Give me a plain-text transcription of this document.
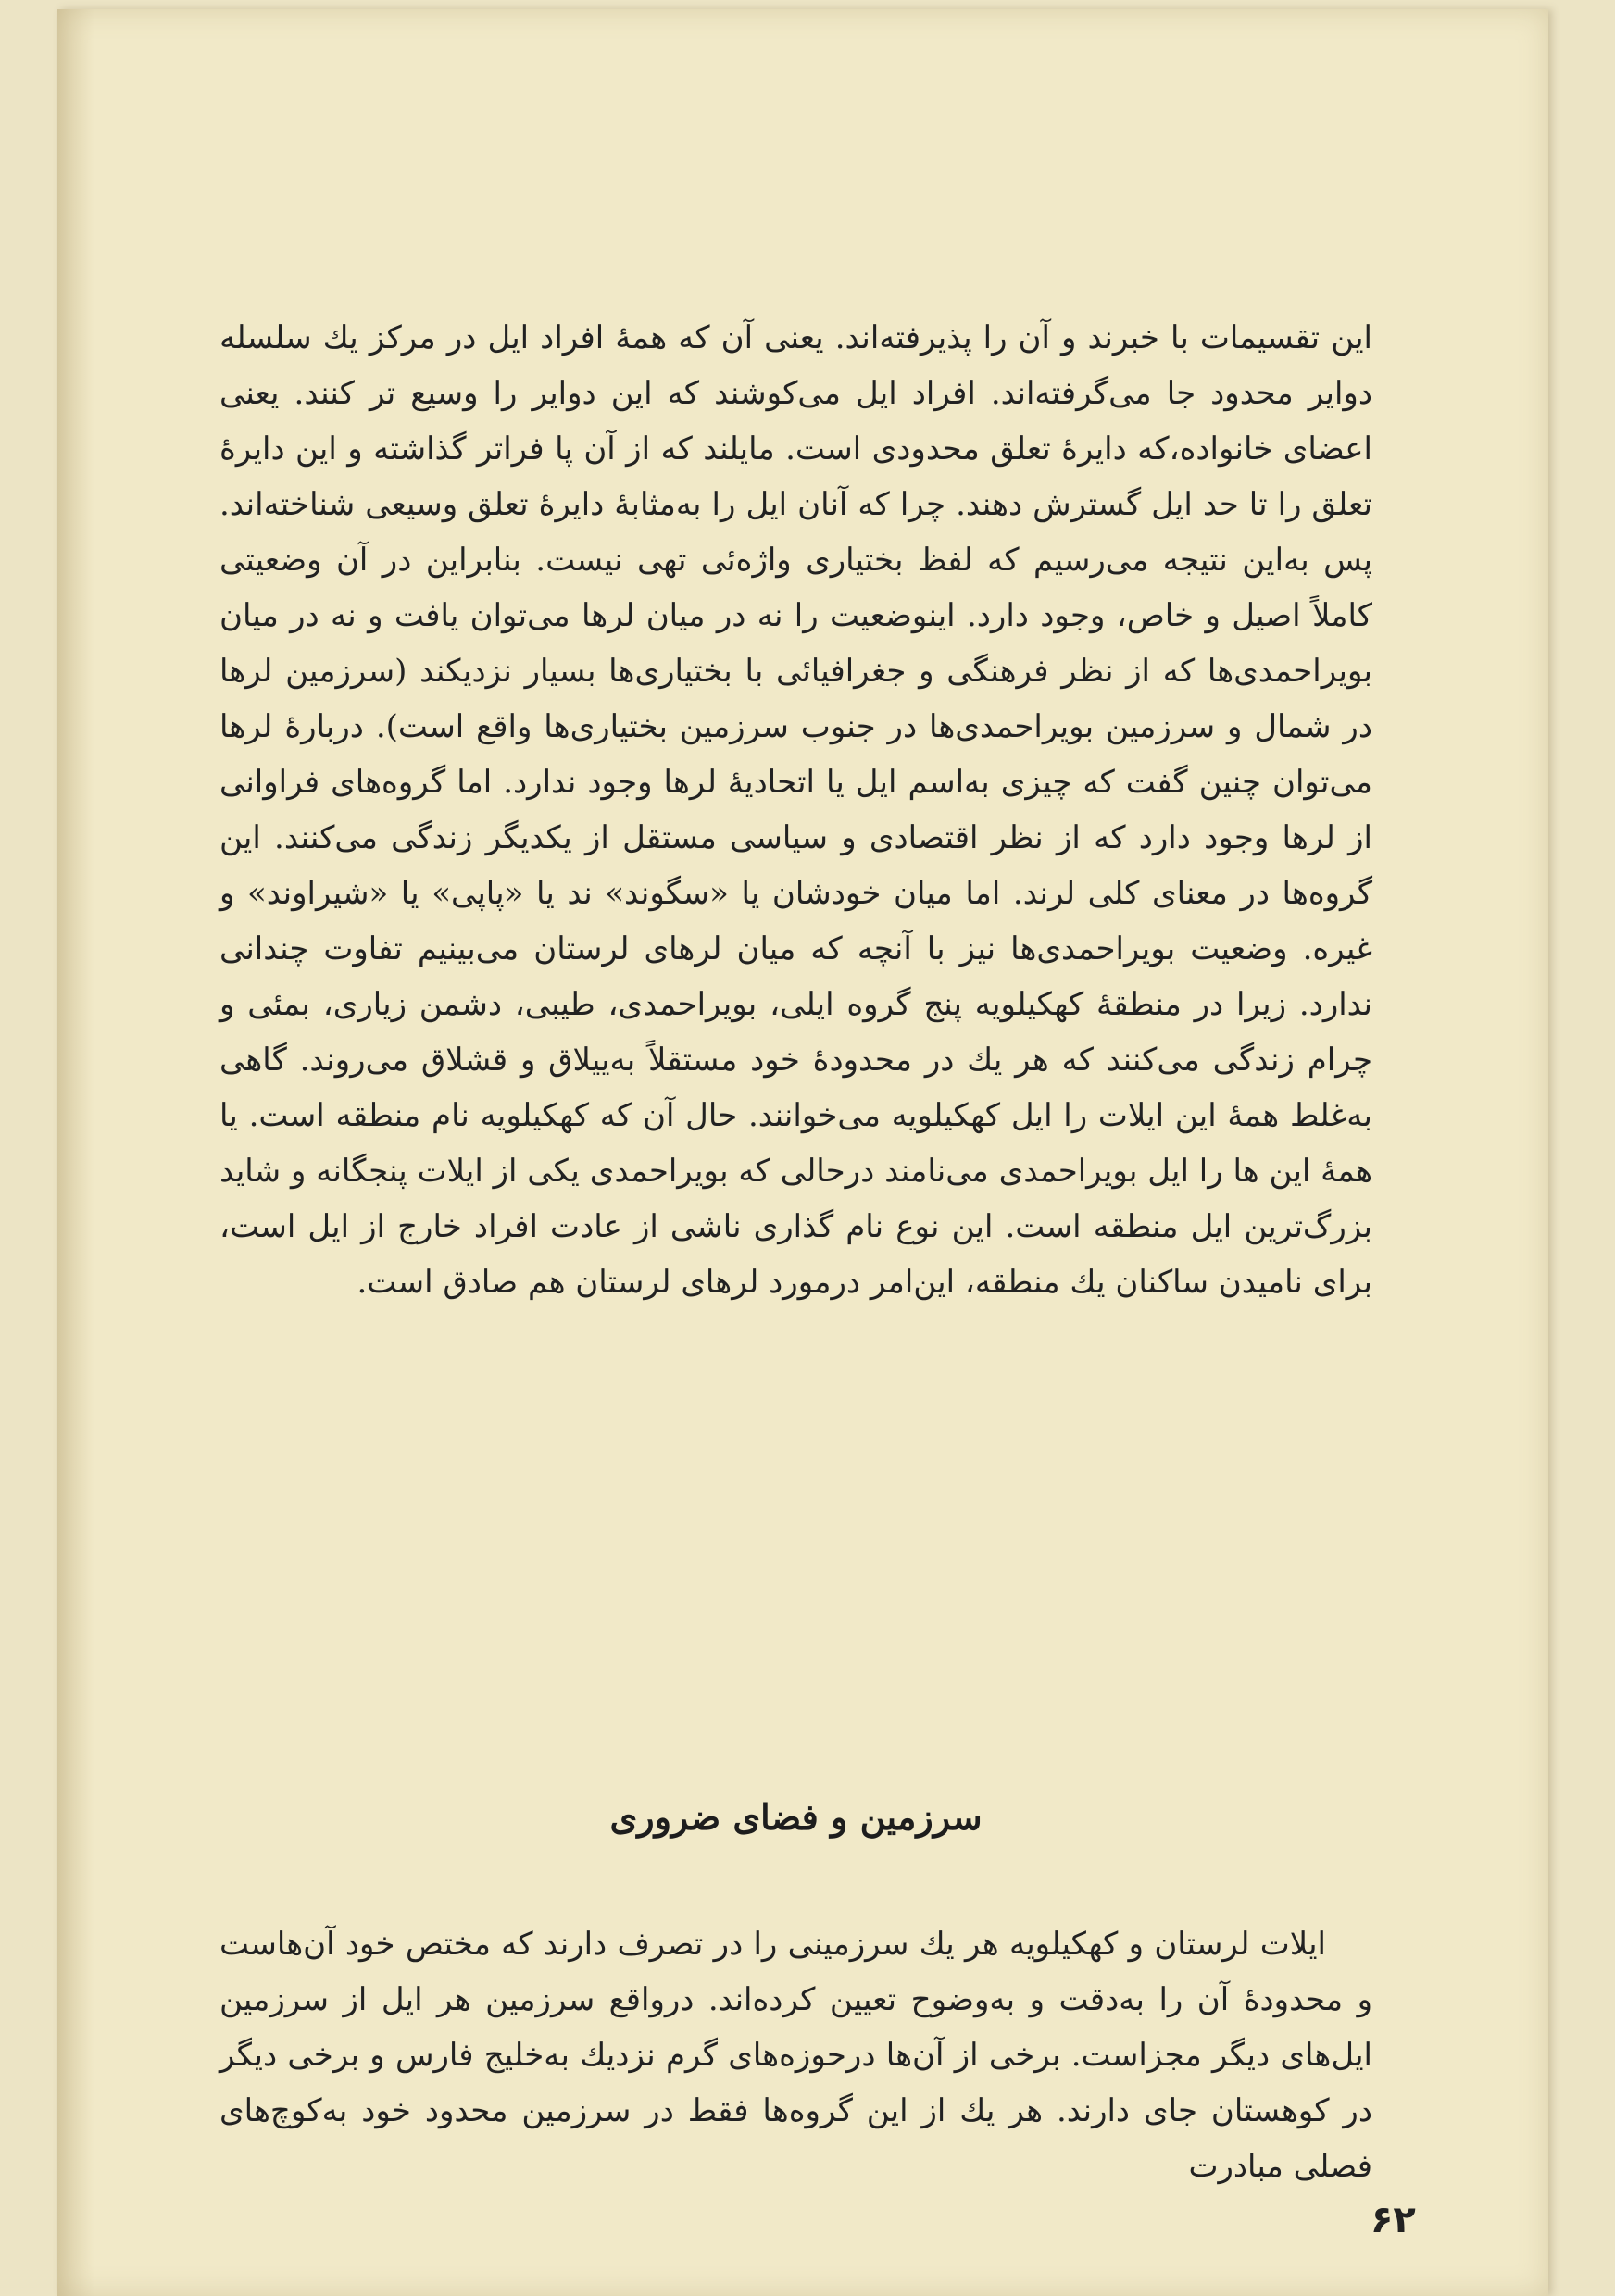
این تقسیمات با خبرند و آن را پذیرفته‌اند. یعنی آن که همهٔ افراد ایل در مرکز یك سلسله دوایر محدود جا می‌گرفته‌اند. افراد ایل می‌کوشند که این دوایر را وسیع تر کنند. یعنی اعضای خانواده،که دایرهٔ تعلق محدودی است. مایلند که از آن پا فراتر گذاشته و این دایرهٔ تعلق را تا حد ایل گسترش دهند. چرا که آنان ایل را به‌مثابهٔ دایرهٔ تعلق وسیعی شناخته‌اند. پس به‌این نتیجه می‌رسیم که لفظ بختیاری واژه‌ئی تهی نیست. بنابراین در آن وضعیتی کاملاً اصیل و خاص، وجود دارد. اینوضعیت را نه در میان لرها می‌توان یافت و نه در میان بویراحمدی‌ها که از نظر فرهنگی و جغرافیائی با بختیاری‌ها بسیار نزدیکند (سرزمین لرها در شمال و سرزمین بویراحمدی‌ها در جنوب سرزمین بختیاری‌ها واقع است). دربارهٔ لرها می‌توان چنین گفت که چیزی به‌اسم ایل یا اتحادیهٔ لرها وجود ندارد. اما گروه‌های فراوانی از لرها وجود دارد که از نظر اقتصادی و سیاسی مستقل از یکدیگر زندگی می‌کنند. این گروه‌ها در معنای کلی لرند. اما میان خودشان یا «سگوند» ند یا «پاپی» یا «شیراوند» و غیره. وضعیت بویراحمدی‌ها نیز با آنچه که میان لرهای لرستان می‌بینیم تفاوت چندانی ندارد. زیرا در منطقهٔ کهکیلویه پنج گروه ایلی، بویراحمدی، طیبی، دشمن زیاری، بمئی و چرام زندگی می‌کنند که هر یك در محدودهٔ خود مستقلاً به‌ییلاق و قشلاق می‌روند. گاهی به‌غلط همهٔ این ایلات را ایل کهکیلویه می‌خوانند. حال آن که کهکیلویه نام منطقه است. یا همهٔ این ها را ایل بویراحمدی می‌نامند درحالی که بویراحمدی یکی از ایلات پنجگانه و شاید بزرگ‌ترین ایل منطقه است. این نوع نام گذاری ناشی از عادت افراد خارج از ایل است، برای نامیدن ساکنان یك منطقه، این‌امر درمورد لرهای لرستان هم صادق است.

سرزمین و فضای ضروری

ایلات لرستان و کهکیلویه هر یك سرزمینی را در تصرف دارند که مختص خود آن‌هاست و محدودهٔ آن را به‌دقت و به‌وضوح تعیین کرده‌اند. درواقع سرزمین هر ایل از سرزمین ایل‌های دیگر مجزاست. برخی از آن‌ها درحوزه‌های گرم نزدیك به‌خلیج فارس و برخی دیگر در کوهستان جای دارند. هر یك از این گروه‌ها فقط در سرزمین محدود خود به‌کوچ‌های فصلی مبادرت

۶۲
